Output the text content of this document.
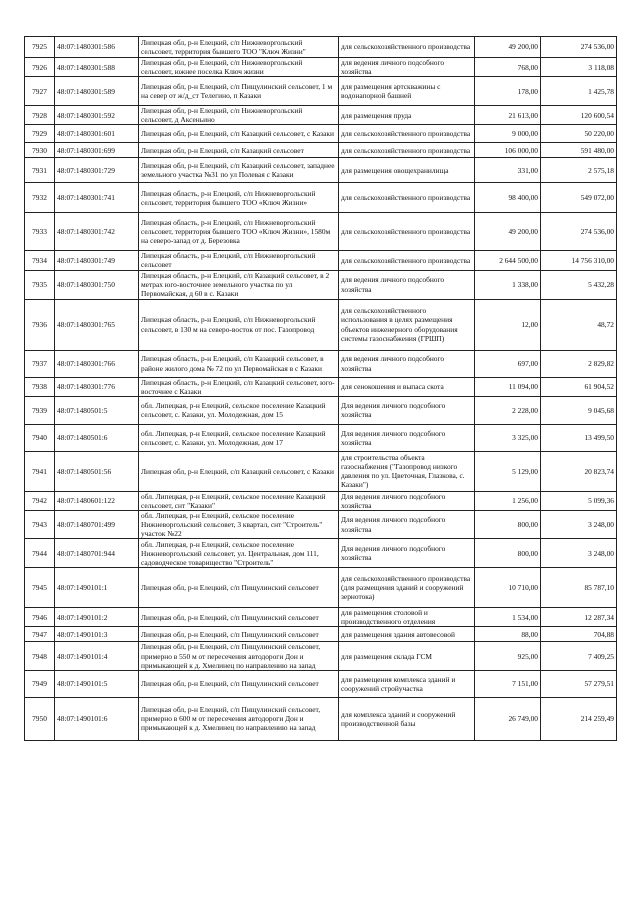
7925	48:07:1480301:586	Липецкая обл, р-н Елецкий, с/п Нижневоргольский сельсовет, территория бывшего ТОО "Ключ Жизни"	для сельскохозяйственного производства	49 200,00	274 536,00
7926	48:07:1480301:588	Липецкая обл, р-н Елецкий, с/п Нижневоргольский сельсовет, южнее поселка Ключ жизни	для ведения личного подсобного хозяйства	768,00	3 118,08
7927	48:07:1480301:589	Липецкая обл, р-н Елецкий, с/п Пищулинский сельсовет, 1 м на север от ж/д_ст Телегино, п Казаки	для размещения артскважины с водонапорной башней	178,00	1 425,78
7928	48:07:1480301:592	Липецкая обл, р-н Елецкий, с/п Нижневоргольский сельсовет, д Аксеньино	для размещения пруда	21 613,00	120 600,54
7929	48:07:1480301:601	Липецкая обл, р-н Елецкий, с/п Казацкий сельсовет, с Казаки	для сельскохозяйственного производства	9 000,00	50 220,00
7930	48:07:1480301:699	Липецкая обл, р-н Елецкий, с/п Казацкий сельсовет	для сельскохозяйственного производства	106 000,00	591 480,00
7931	48:07:1480301:729	Липецкая обл, р-н Елецкий, с/п Казацкий сельсовет, западнее земельного участка №31 по ул Полевая с Казаки	для размещения овощехранилища	331,00	2 575,18
7932	48:07:1480301:741	Липецкая область, р-н Елецкий, с/п Нижневоргольский сельсовет, территория бывшего ТОО «Ключ Жизни»	для сельскохозяйственного производства	98 400,00	549 072,00
7933	48:07:1480301:742	Липецкая область, р-н Елецкий, с/п Нижневоргольский сельсовет, территория бывшего ТОО «Ключ Жизни», 1580м на северо-запад от д. Березовка	для сельскохозяйственного производства	49 200,00	274 536,00
7934	48:07:1480301:749	Липецкая область, р-н Елецкий, с/п Нижневоргольский сельсовет	для сельскохозяйственного производства	2 644 500,00	14 756 310,00
7935	48:07:1480301:750	Липецкая область, р-н Елецкий, с/п Казацкий сельсовет, в 2 метрах юго-восточнее земельного участка по ул Первомайская, д 60 в с. Казаки	для ведения личного подсобного хозяйства	1 338,00	5 432,28
7936	48:07:1480301:765	Липецкая область, р-н Елецкий, с/п Нижневоргольский сельсовет, в 130 м на северо-восток от пос. Газопровод	для сельскохозяйственного использования в целях размещения объектов инженерного оборудования системы газоснабжения (ГРШП)	12,00	48,72
7937	48:07:1480301:766	Липецкая область, р-н Елецкий, с/п Казацкий сельсовет, в районе жилого дома № 72 по ул Первомайская в с Казаки	для ведения личного подсобного хозяйства	697,00	2 829,82
7938	48:07:1480301:776	Липецкая область, р-н Елецкий, с/п Казацкий сельсовет, юго-восточнее с Казаки	для сенокошения и выпаса скота	11 094,00	61 904,52
7939	48:07:1480501:5	обл. Липецкая, р-н Елецкий, сельское поселение Казацкий сельсовет, с. Казаки, ул. Молодежная, дом 15	Для ведения личного подсобного хозяйства	2 228,00	9 045,68
7940	48:07:1480501:6	обл. Липецкая, р-н Елецкий, сельское поселение Казацкий сельсовет, с. Казаки, ул. Молодежная, дом 17	Для ведения личного подсобного хозяйства	3 325,00	13 499,50
7941	48:07:1480501:56	Липецкая обл, р-н Елецкий, с/п Казацкий сельсовет, с Казаки	для строительства объекта газоснабжения ("Газопровод низкого давления по ул. Цветочная, Глазкова, с. Казаки")	5 129,00	20 823,74
7942	48:07:1480601:122	обл. Липецкая, р-н Елецкий, сельское поселение Казацкий сельсовет, снт "Казаки"	Для ведения личного подсобного хозяйства	1 256,00	5 099,36
7943	48:07:1480701:499	обл. Липецкая, р-н Елецкий, сельское поселение Нижневоргольский сельсовет, 3 квартал, снт "Строитель" участок №22	Для ведения личного подсобного хозяйства	800,00	3 248,00
7944	48:07:1480701:944	обл. Липецкая, р-н Елецкий, сельское поселение Нижневоргольский сельсовет, ул. Центральная, дом 111, садоводческое товарищество "Строитель"	Для ведения личного подсобного хозяйства	800,00	3 248,00
7945	48:07:1490101:1	Липецкая обл, р-н Елецкий, с/п Пищулинский сельсовет	для сельскохозяйственного производства (для размещения зданий и сооружений зернотока)	10 710,00	85 787,10
7946	48:07:1490101:2	Липецкая обл, р-н Елецкий, с/п Пищулинский сельсовет	для размещения столовой и производственного отделения	1 534,00	12 287,34
7947	48:07:1490101:3	Липецкая обл, р-н Елецкий, с/п Пищулинский сельсовет	для размещения здания автовесовой	88,00	704,88
7948	48:07:1490101:4	Липецкая обл, р-н Елецкий, с/п Пищулинский сельсовет, примерно в 550 м от пересечения автодороги Дон и примыкающей к д. Хмелинец по направлению на запад	для размещения склада ГСМ	925,00	7 409,25
7949	48:07:1490101:5	Липецкая обл, р-н Елецкий, с/п Пищулинский сельсовет	для размещения комплекса зданий и сооружений стройучастка	7 151,00	57 279,51
7950	48:07:1490101:6	Липецкая обл, р-н Елецкий, с/п Пищулинский сельсовет, примерно в 600 м от пересечения автодороги Дон и примыкающей к д. Хмелинец по направлению на запад	для комплекса зданий и сооружений производственной базы	26 749,00	214 259,49
